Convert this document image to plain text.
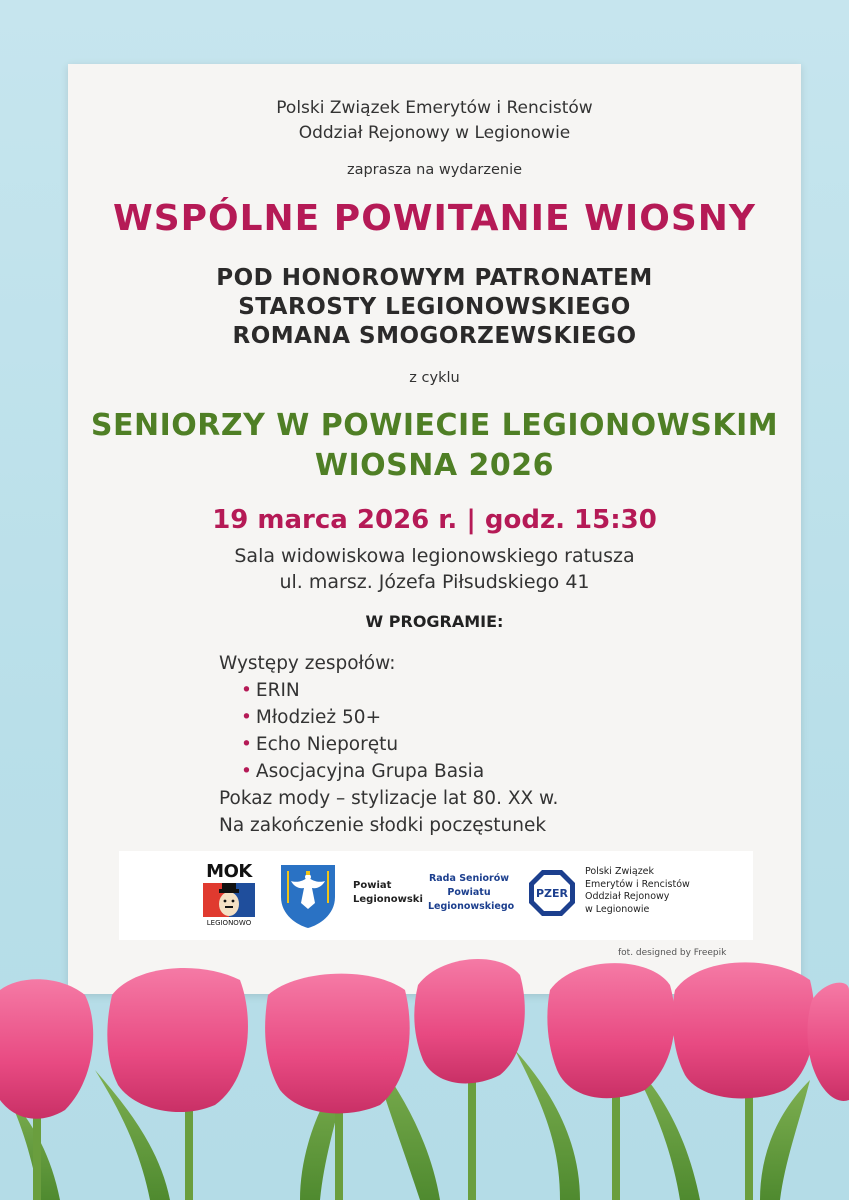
Polski Związek Emerytów i Rencistów
Oddział Rejonowy w Legionowie
zaprasza na wydarzenie
WSPÓLNE POWITANIE WIOSNY
POD HONOROWYM PATRONATEM
STAROSTY LEGIONOWSKIEGO
ROMANA SMOGORZEWSKIEGO
z cyklu
SENIORZY W POWIECIE LEGIONOWSKIM
WIOSNA 2026
19 marca 2026 r. | godz. 15:30
Sala widowiskowa legionowskiego ratusza
ul. marsz. Józefa Piłsudskiego 41
W PROGRAMIE:
Występy zespołów:
• ERIN
• Młodzież 50+
• Echo Nieporętu
• Asocjacyjna Grupa Basia
Pokaz mody – stylizacje lat 80. XX w.
Na zakończenie słodki poczęstunek
MOK
LEGIONOWO
Powiat
Legionowski
Rada Seniorów
Powiatu
Legionowskiego
PZER
Polski Związek
Emerytów i Rencistów
Oddział Rejonowy
w Legionowie
fot. designed by Freepik
